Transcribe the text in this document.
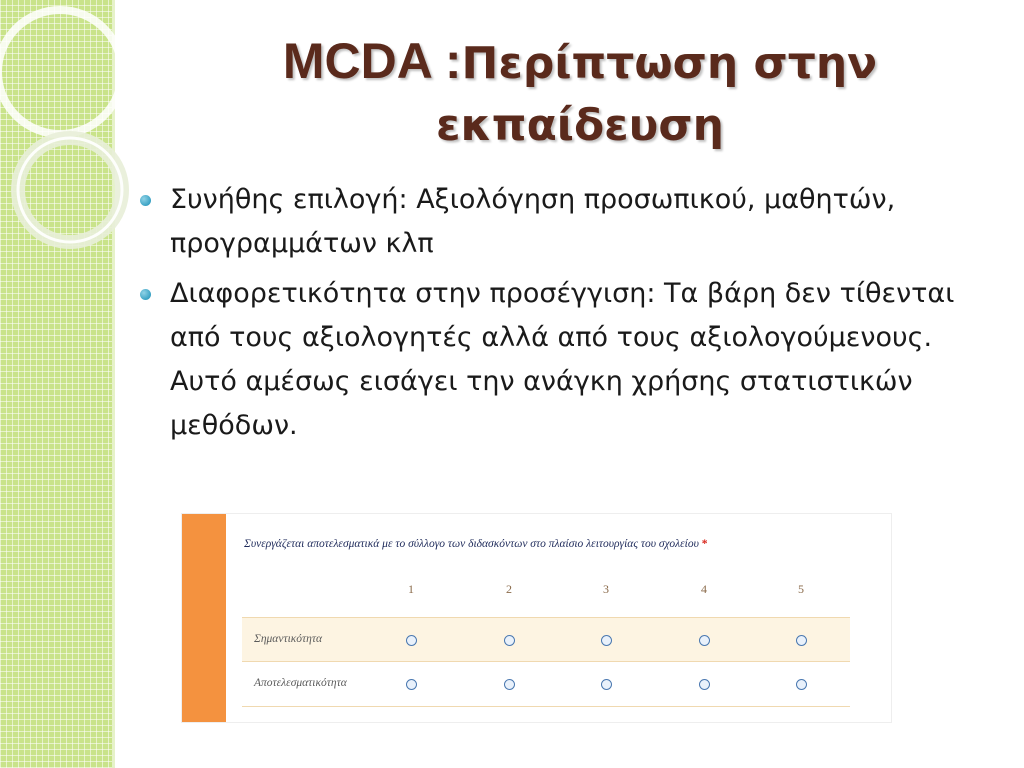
MCDA :Περίπτωση στην εκπαίδευση
Συνήθης επιλογή: Αξιολόγηση προσωπικού, μαθητών, προγραμμάτων κλπ
Διαφορετικότητα στην προσέγγιση: Τα βάρη δεν τίθενται από τους αξιολογητές αλλά από τους αξιολογούμενους. Αυτό αμέσως εισάγει την ανάγκη χρήσης στατιστικών μεθόδων.
Συνεργάζεται αποτελεσματικά με το σύλλογο των διδασκόντων στο πλαίσιο λειτουργίας του σχολείου *
1	2	3	4	5
Σημαντικότητα
Αποτελεσματικότητα
